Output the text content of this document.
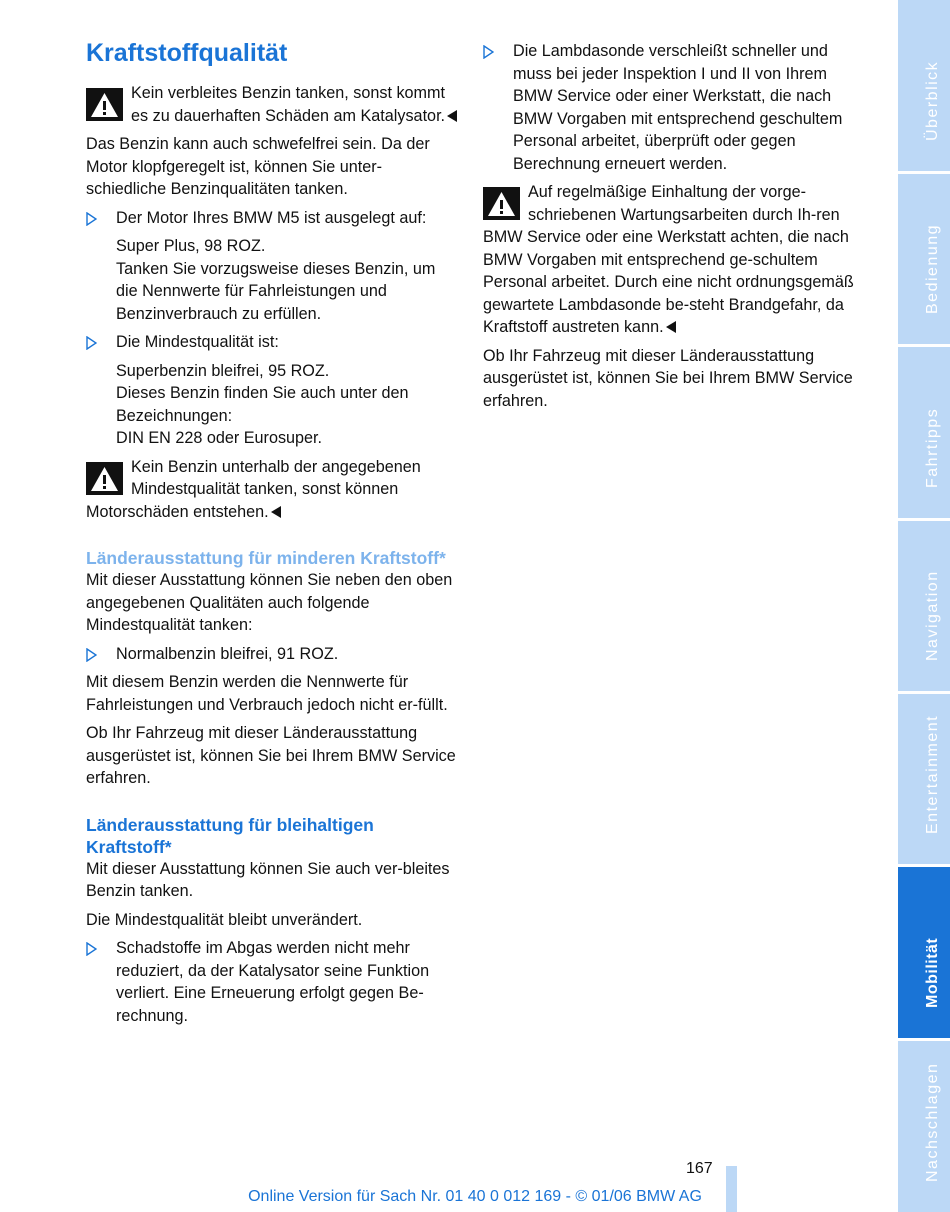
Kraftstoffqualität
Kein verbleites Benzin tanken, sonst kommt es zu dauerhaften Schäden am Katalysator.

Das Benzin kann auch schwefelfrei sein. Da der Motor klopfgeregelt ist, können Sie unter-schiedliche Benzinqualitäten tanken.

Der Motor Ihres BMW M5 ist ausgelegt auf:
Super Plus, 98 ROZ.
Tanken Sie vorzugsweise dieses Benzin, um die Nennwerte für Fahrleistungen und Benzinverbrauch zu erfüllen.
Die Mindestqualität ist:
Superbenzin bleifrei, 95 ROZ.
Dieses Benzin finden Sie auch unter den Bezeichnungen:
DIN EN 228 oder Eurosuper.
Kein Benzin unterhalb der angegebenen Mindestqualität tanken, sonst können Motorschäden entstehen.
Länderausstattung für minderen Kraftstoff*

Mit dieser Ausstattung können Sie neben den oben angegebenen Qualitäten auch folgende Mindestqualität tanken:

Normalbenzin bleifrei, 91 ROZ.

Mit diesem Benzin werden die Nennwerte für Fahrleistungen und Verbrauch jedoch nicht er-füllt.

Ob Ihr Fahrzeug mit dieser Länderausstattung ausgerüstet ist, können Sie bei Ihrem BMW Service erfahren.

Länderausstattung für bleihaltigen Kraftstoff*

Mit dieser Ausstattung können Sie auch ver-bleites Benzin tanken.

Die Mindestqualität bleibt unverändert.

Schadstoffe im Abgas werden nicht mehr reduziert, da der Katalysator seine Funktion verliert. Eine Erneuerung erfolgt gegen Be-rechnung.
Die Lambdasonde verschleißt schneller und muss bei jeder Inspektion I und II von Ihrem BMW Service oder einer Werkstatt, die nach BMW Vorgaben mit entsprechend geschultem Personal arbeitet, überprüft oder gegen Berechnung erneuert werden.
Auf regelmäßige Einhaltung der vorge-schriebenen Wartungsarbeiten durch Ih-ren BMW Service oder eine Werkstatt achten, die nach BMW Vorgaben mit entsprechend ge-schultem Personal arbeitet. Durch eine nicht ordnungsgemäß gewartete Lambdasonde be-steht Brandgefahr, da Kraftstoff austreten kann.

Ob Ihr Fahrzeug mit dieser Länderausstattung ausgerüstet ist, können Sie bei Ihrem BMW Service erfahren.

167
Online Version für Sach Nr. 01 40 0 012 169 - © 01/06 BMW AG
Überblick
Bedienung
Fahrtipps
Navigation
Entertainment
Mobilität
Nachschlagen
